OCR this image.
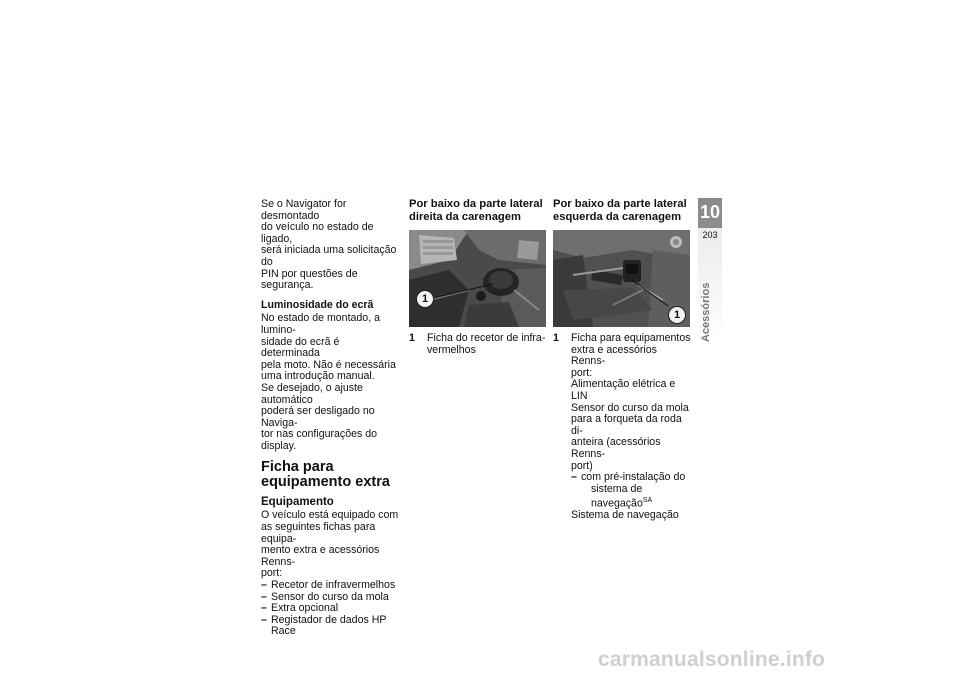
Se o Navigator for desmontado

do veículo no estado de ligado,

será iniciada uma solicitação do

PIN por questões de segurança.

Luminosidade do ecrã

No estado de montado, a lumino-

sidade do ecrã é determinada

pela moto. Não é necessária

uma introdução manual.

Se desejado, o ajuste automático

poderá ser desligado no Naviga-

tor nas configurações do display.

Ficha para
equipamento extra
Equipamento

O veículo está equipado com

as seguintes fichas para equipa-

mento extra e acessórios Renns-

port:

– Recetor de infravermelhos
– Sensor do curso da mola
– Extra opcional
– Registador de dados HP Race
Por baixo da parte lateral
direita da carenagem
1
1	Ficha do recetor de infra-
vermelhos
Por baixo da parte lateral
esquerda da carenagem
1
1	Ficha para equipamentos
extra e acessórios Renns-
port:
Alimentação elétrica e LIN
Sensor do curso da mola
para a forqueta da roda di-
anteira (acessórios Renns-
port)
– com pré-instalação do
sistema de navegação$^{SA}$
Sistema de navegação
10
203
Acessórios
carmanualsonline.info
